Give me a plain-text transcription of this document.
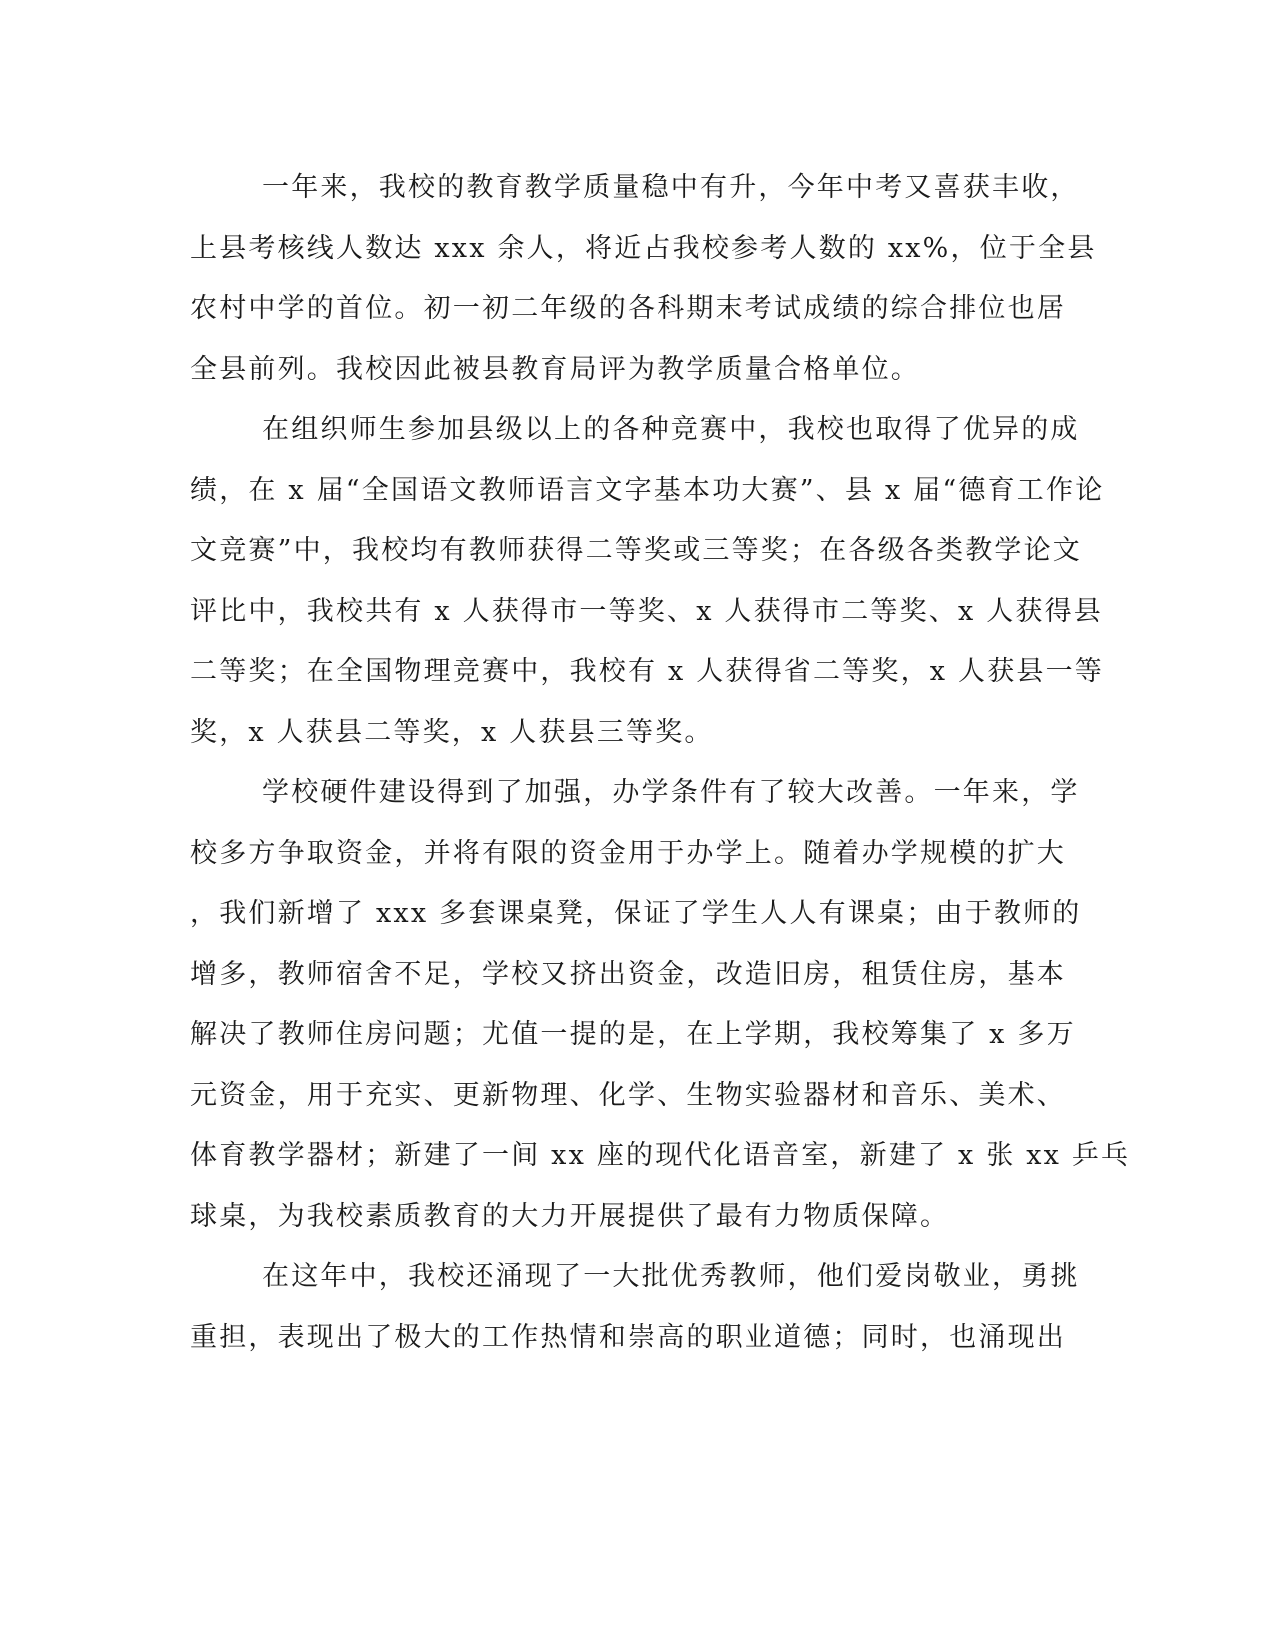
一年来，我校的教育教学质量稳中有升，今年中考又喜获丰收，
上县考核线人数达 xxx 余人，将近占我校参考人数的 xx%，位于全县
农村中学的首位。初一初二年级的各科期末考试成绩的综合排位也居
全县前列。我校因此被县教育局评为教学质量合格单位。
在组织师生参加县级以上的各种竞赛中，我校也取得了优异的成
绩，在 x 届“全国语文教师语言文字基本功大赛”、县 x 届“德育工作论
文竞赛”中，我校均有教师获得二等奖或三等奖；在各级各类教学论文
评比中，我校共有 x 人获得市一等奖、x 人获得市二等奖、x 人获得县
二等奖；在全国物理竞赛中，我校有 x 人获得省二等奖，x 人获县一等
奖，x 人获县二等奖，x 人获县三等奖。
学校硬件建设得到了加强，办学条件有了较大改善。一年来，学
校多方争取资金，并将有限的资金用于办学上。随着办学规模的扩大
，我们新增了 xxx 多套课桌凳，保证了学生人人有课桌；由于教师的
增多，教师宿舍不足，学校又挤出资金，改造旧房，租赁住房，基本
解决了教师住房问题；尤值一提的是，在上学期，我校筹集了 x 多万
元资金，用于充实、更新物理、化学、生物实验器材和音乐、美术、
体育教学器材；新建了一间 xx 座的现代化语音室，新建了 x 张 xx 乒乓
球桌，为我校素质教育的大力开展提供了最有力物质保障。
在这年中，我校还涌现了一大批优秀教师，他们爱岗敬业，勇挑
重担，表现出了极大的工作热情和崇高的职业道德；同时，也涌现出
